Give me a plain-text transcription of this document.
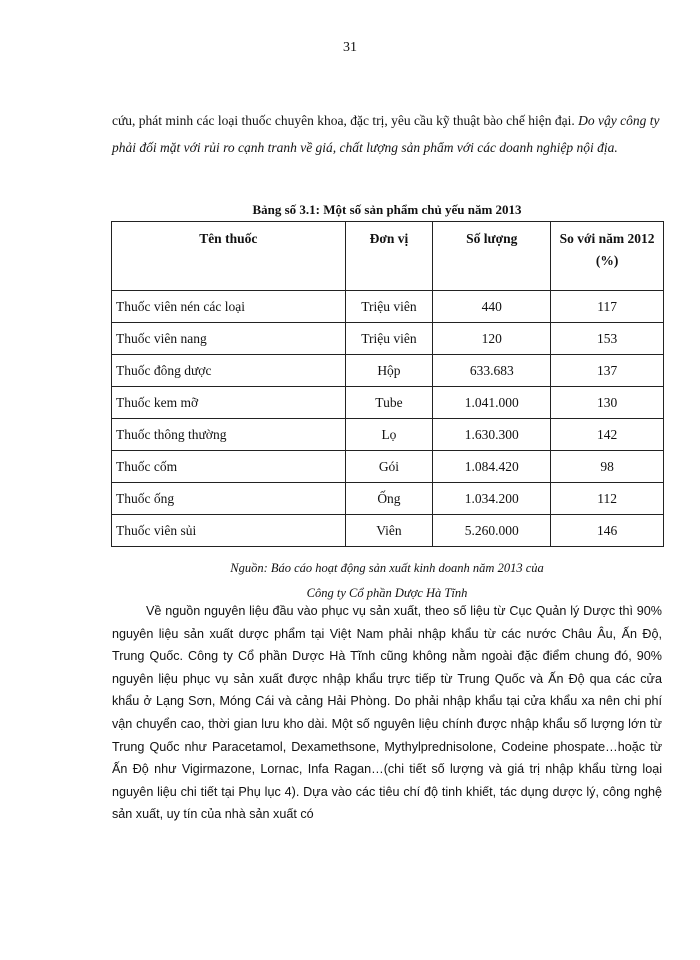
31

cứu, phát minh các loại thuốc chuyên khoa, đặc trị, yêu cầu kỹ thuật bào chế hiện đại. Do vậy công ty phải đối mặt với rủi ro cạnh tranh về giá, chất lượng sản phẩm với các doanh nghiệp nội địa.

Bảng số 3.1: Một số sản phẩm chủ yếu năm 2013
Tên thuốc	Đơn vị	Số lượng	So với năm 2012 (%)
Thuốc viên nén các loại	Triệu viên	440	117
Thuốc viên nang	Triệu viên	120	153
Thuốc đông dược	Hộp	633.683	137
Thuốc kem mỡ	Tube	1.041.000	130
Thuốc thông thường	Lọ	1.630.300	142
Thuốc cốm	Gói	1.084.420	98
Thuốc ống	Ống	1.034.200	112
Thuốc viên sủi	Viên	5.260.000	146
Nguồn: Báo cáo hoạt động sản xuất kinh doanh năm 2013 của
Công ty Cổ phần Dược Hà Tĩnh

Về nguồn nguyên liệu đầu vào phục vụ sản xuất, theo số liệu từ Cục Quản lý Dược thì 90% nguyên liệu sản xuất dược phẩm tại Việt Nam phải nhập khẩu từ các nước Châu Âu, Ấn Độ, Trung Quốc. Công ty Cổ phần Dược Hà Tĩnh cũng không nằm ngoài đặc điểm chung đó, 90% nguyên liệu phục vụ sản xuất được nhập khẩu trực tiếp từ Trung Quốc và Ấn Độ qua các cửa khẩu ở Lạng Sơn, Móng Cái và cảng Hải Phòng. Do phải nhập khẩu tại cửa khẩu xa nên chi phí vận chuyển cao, thời gian lưu kho dài. Một số nguyên liệu chính được nhập khẩu số lượng lớn từ Trung Quốc như Paracetamol, Dexamethsone, Mythylprednisolone, Codeine phospate…hoặc từ Ấn Độ như Vigirmazone, Lornac, Infa Ragan…(chi tiết số lượng và giá trị nhập khẩu từng loại nguyên liệu chi tiết tại Phụ lục 4). Dựa vào các tiêu chí độ tinh khiết, tác dụng dược lý, công nghệ sản xuất, uy tín của nhà sản xuất có
